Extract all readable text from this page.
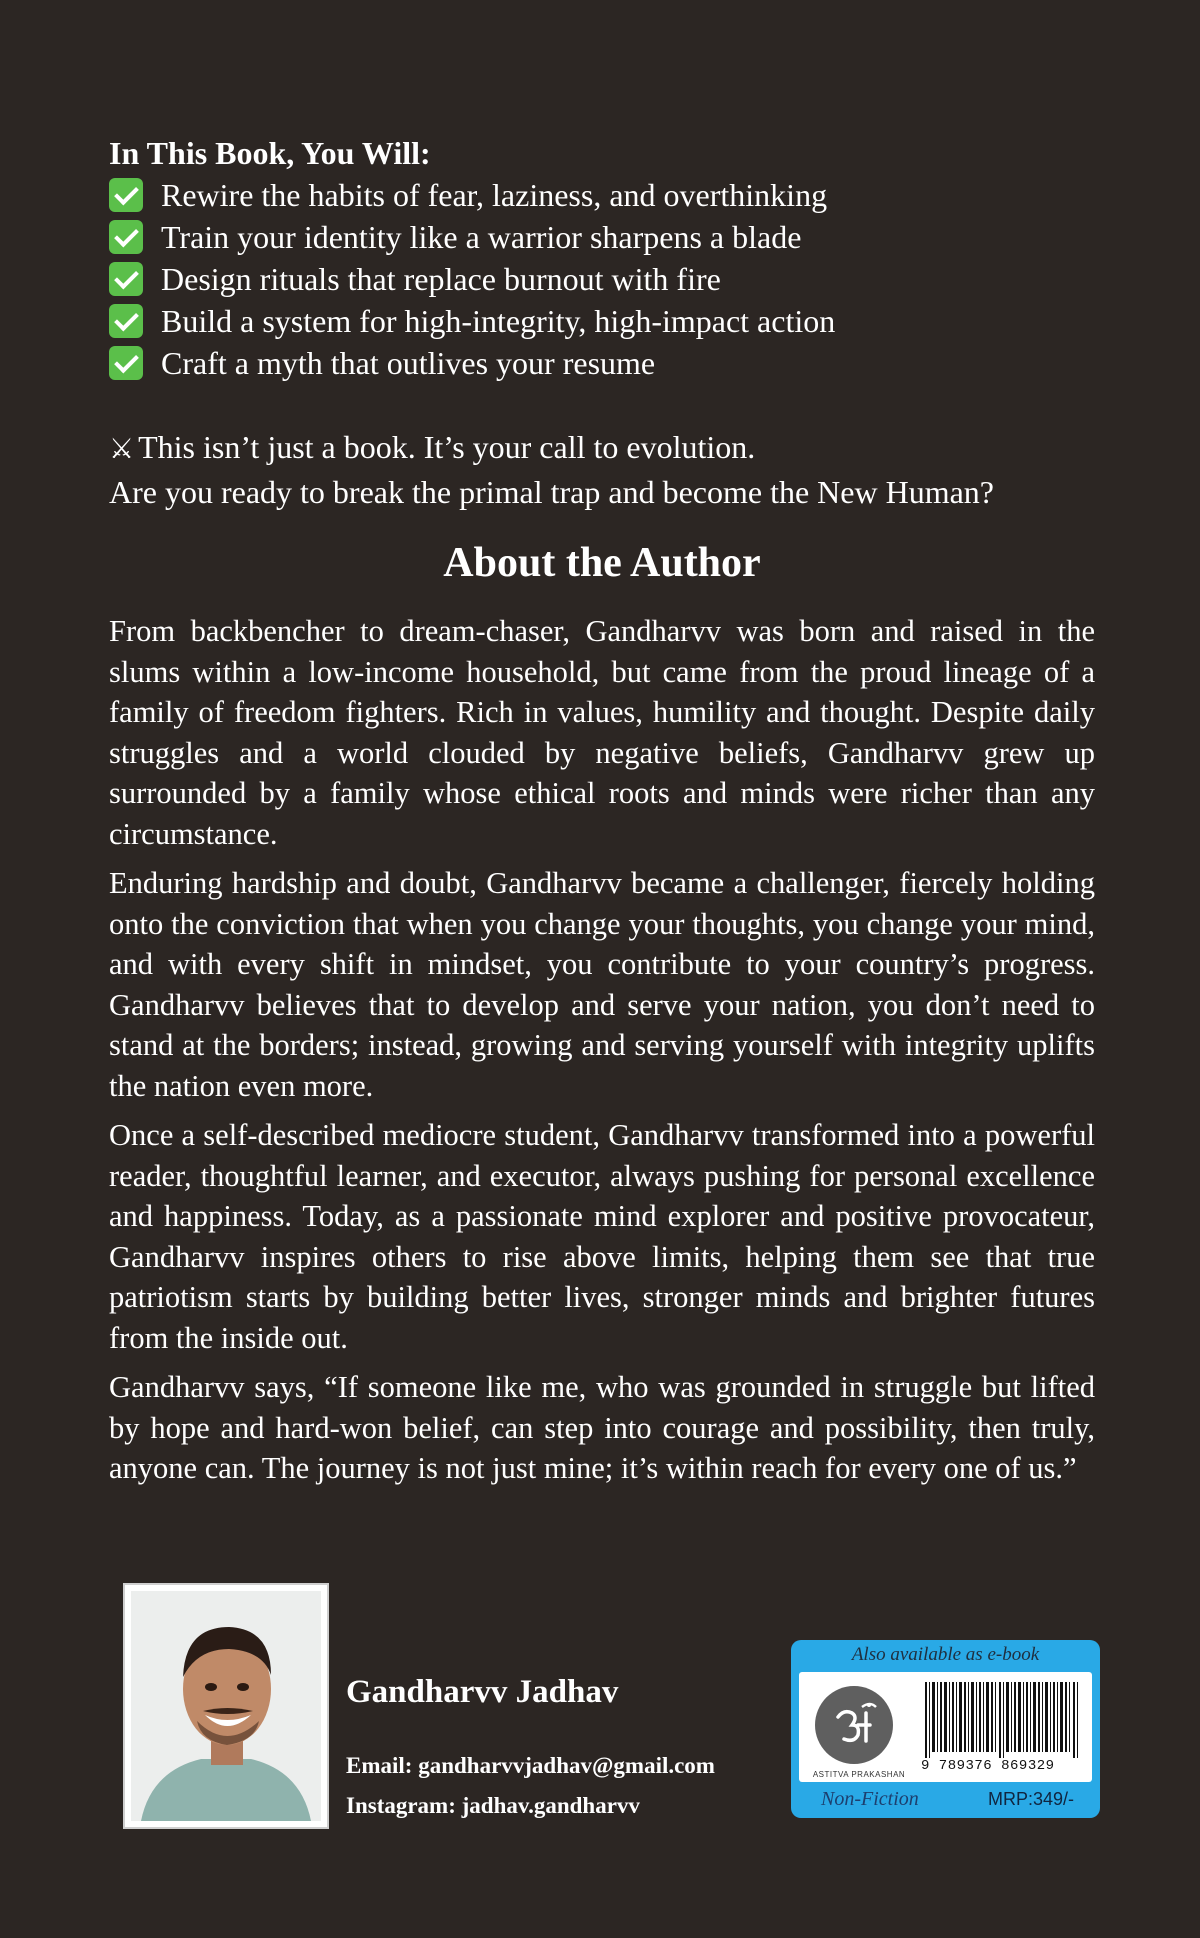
In This Book, You Will:

Rewire the habits of fear, laziness, and overthinking
Train your identity like a warrior sharpens a blade
Design rituals that replace burnout with fire
Build a system for high-integrity, high-impact action
Craft a myth that outlives your resume

⚔ This isn’t just a book. It’s your call to evolution.

Are you ready to break the primal trap and become the New Human?

About the Author

From backbencher to dream-chaser, Gandharvv was born and raised in the slums within a low-income household, but came from the proud lineage of a family of freedom fighters. Rich in values, humility and thought. Despite daily struggles and a world clouded by negative beliefs, Gandharvv grew up surrounded by a family whose ethical roots and minds were richer than any circumstance.

Enduring hardship and doubt, Gandharvv became a challenger, fiercely holding onto the conviction that when you change your thoughts, you change your mind, and with every shift in mindset, you contribute to your country’s progress. Gandharvv believes that to develop and serve your nation, you don’t need to stand at the borders; instead, growing and serving yourself with integrity uplifts the nation even more.

Once a self-described mediocre student, Gandharvv transformed into a powerful reader, thoughtful learner, and executor, always pushing for personal excellence and happiness. Today, as a passionate mind explorer and positive provocateur, Gandharvv inspires others to rise above limits, helping them see that true patriotism starts by building better lives, stronger minds and brighter futures from the inside out.

Gandharvv says, “If someone like me, who was grounded in struggle but lifted by hope and hard-won belief, can step into courage and possibility, then truly, anyone can. The journey is not just mine; it’s within reach for every one of us.”

Gandharvv Jadhav

Email: gandharvvjadhav@gmail.com

Instagram: jadhav.gandharvv

Also available as e-book
ASTITVA PRAKASHAN
9 789376 869329
Non-Fiction	MRP:349/-
